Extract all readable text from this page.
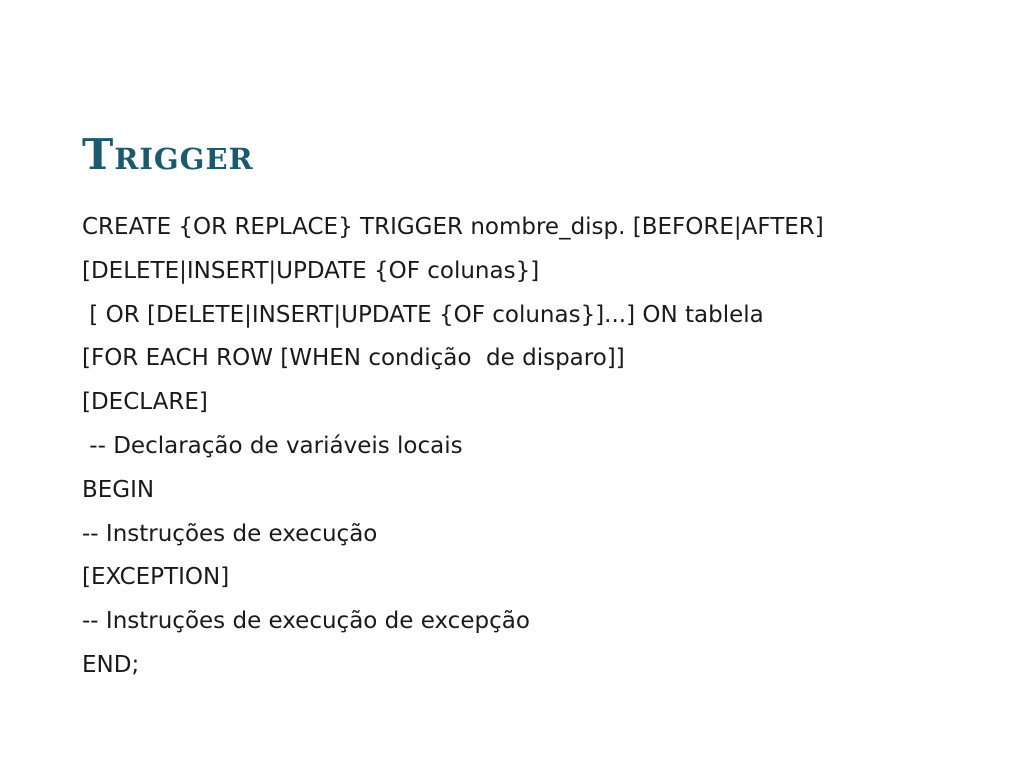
Trigger
CREATE {OR REPLACE} TRIGGER nombre_disp. [BEFORE|AFTER]
[DELETE|INSERT|UPDATE {OF colunas}]
[ OR [DELETE|INSERT|UPDATE {OF colunas}]...] ON tablela
[FOR EACH ROW [WHEN condição  de disparo]]
[DECLARE]
-- Declaração de variáveis locais
BEGIN
-- Instruções de execução
[EXCEPTION]
-- Instruções de execução de excepção
END;
